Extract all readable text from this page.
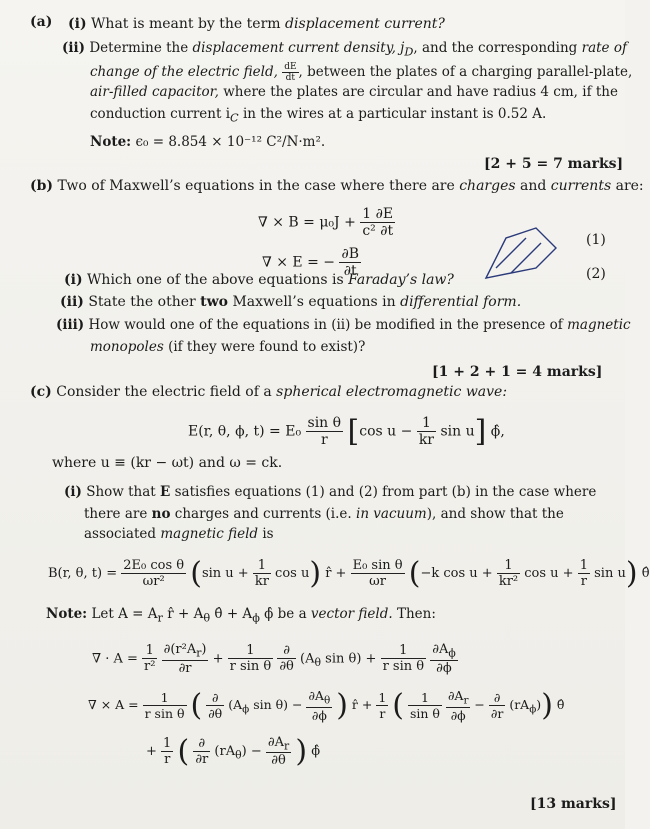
(a) (i) What is meant by the term displacement current?
(ii) Determine the displacement current density, $j_D$, and the corresponding rate of
change of the electric field, $\frac{dE}{dt}$ , between the plates of a charging parallel-plate,
air-filled capacitor, where the plates are circular and have radius 4 cm, if the
conduction current $i_C$ in the wires at a particular instant is 0.52 A.
Note: ϵ₀ = 8.854 × 10⁻¹² C²/N·m².
[2 + 5 = 7 marks]
(b) Two of Maxwell’s equations in the case where there are charges and currents are:
∇ × $B = \mu_0J + \frac{1 \partial E}{\text{c² ∂t}}$
(1)
∇ × E = − $\frac{\partial B}{\partial t}$	(2)
(i) Which one of the above equations is Faraday’s law?
(ii) State the other two Maxwell’s equations in differential form.
(iii) How would one of the equations in (ii) be modified in the presence of magnetic
monopoles (if they were found to exist)?
[1 + 2 + 1 = 4 marks]
(c) Consider the electric field of a spherical electromagnetic wave:
E(r, θ, ϕ, $t) = E_0 \frac{\text{sin θ}}{r} [\cos$ $u - \frac{1}{kr}$ sin u] ϕ̂,
where u ≡ (kr − ωt) and ω = ck.
(i) Show that E satisfies equations (1) and (2) from part (b) in the case where
there are no charges and currents (i.e. in vacuum), and show that the
associated magnetic field is
B(r, θ, $t) = \frac{\text{2E₀ cos θ}}{\text{ωr²}} (\sin$ $u + \frac{1}{kr}$ cos u) r̂ + $\frac{\text{E₀ sin θ}}{\omega r} (-k$ $\cos u + \frac{1}{\text{kr²}}$ $\cos u + \frac{1}{r}$ sin u) θ̂
Note: Let $A = A_r$ r̂ + $A_\theta$ θ̂ + $A_\phi$ ϕ̂ be a vector field. Then:
∇ · $A = \frac{1}{\text{r²}}$
$\frac{\partial(r^2A_r)}{\partial r} + \frac{1}{\text{r sin θ}}$
$\frac{\partial}{\partial\theta} (A_\theta$ $\sin \theta) + \frac{1}{\text{r sin θ}}$
$\frac{\partial A_\phi}{\partial\phi}$
∇ × $A = \frac{1}{\text{r sin θ}}$ ( $\frac{\partial}{\partial\theta} (A_\phi$ $\sin \theta) - \frac{\partial A_\theta}{\partial\phi}$ ) r̂ + $\frac{1}{r}$ ( $\frac{1}{\text{sin θ}}$
$\frac{\partial A_r}{\partial\phi} - \frac{\partial}{\partial r} (rA_\phi)$) θ̂
+ $\frac{1}{r}$ ( $\frac{\partial}{\partial r} (rA_\theta) - \frac{\partial A_r}{\partial\theta}$ ) ϕ̂
[13 marks]
